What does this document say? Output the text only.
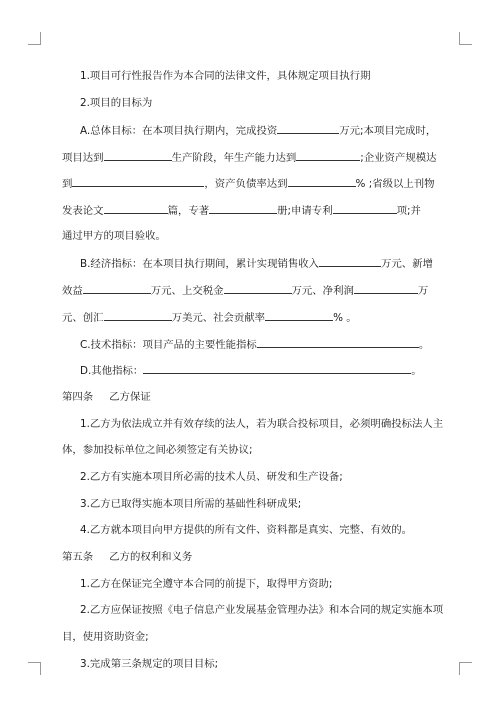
1.项目可行性报告作为本合同的法律文件，具体规定项目执行期
2.项目的目标为
A.总体目标：在本项目执行期内，完成投资	万元;本项目完成时，
项目达到	生产阶段，年生产能力达到	;企业资产规模达
到	，资产负债率达到	% ;省级以上刊物
发表论文	篇，专著	册;申请专利	项;并
通过甲方的项目验收。
B.经济指标：在本项目执行期间，累计实现销售收入	万元、新增
效益	万元、上交税金	万元、净利润	万
元、创汇	万美元、社会贡献率	% 。
C.技术指标：项目产品的主要性能指标	。
D.其他指标：	。
第四条 乙方保证
1.乙方为依法成立并有效存续的法人，若为联合投标项目，必须明确投标法人主
体，参加投标单位之间必须签定有关协议;
2.乙方有实施本项目所必需的技术人员、研发和生产设备;
3.乙方已取得实施本项目所需的基础性科研成果;
4.乙方就本项目向甲方提供的所有文件、资料都是真实、完整、有效的。
第五条 乙方的权利和义务
1.乙方在保证完全遵守本合同的前提下，取得甲方资助;
2.乙方应保证按照《电子信息产业发展基金管理办法》和本合同的规定实施本项
目，使用资助资金;
3.完成第三条规定的项目目标;
